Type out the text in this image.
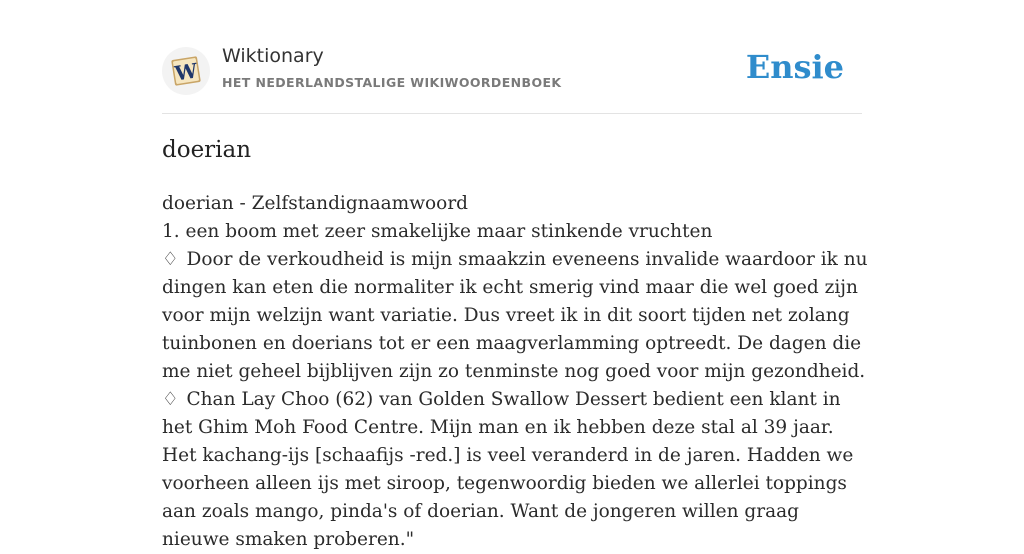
W
Wiktionary
HET NEDERLANDSTALIGE WIKIWOORDENBOEK	Ensie
doerian

doerian - Zelfstandignaamwoord

1. een boom met zeer smakelijke maar stinkende vruchten

♢ Door de verkoudheid is mijn smaakzin eveneens invalide waardoor ik nu dingen kan eten die normaliter ik echt smerig vind maar die wel goed zijn voor mijn welzijn want variatie. Dus vreet ik in dit soort tijden net zolang tuinbonen en doerians tot er een maagverlamming optreedt. De dagen die me niet geheel bijblijven zijn zo tenminste nog goed voor mijn gezondheid.

♢ Chan Lay Choo (62) van Golden Swallow Dessert bedient een klant in het Ghim Moh Food Centre. Mijn man en ik hebben deze stal al 39 jaar. Het kachang-ijs [schaafijs -red.] is veel veranderd in de jaren. Hadden we voorheen alleen ijs met siroop, tegenwoordig bieden we allerlei toppings aan zoals mango, pinda's of doerian. Want de jongeren willen graag nieuwe smaken proberen."
